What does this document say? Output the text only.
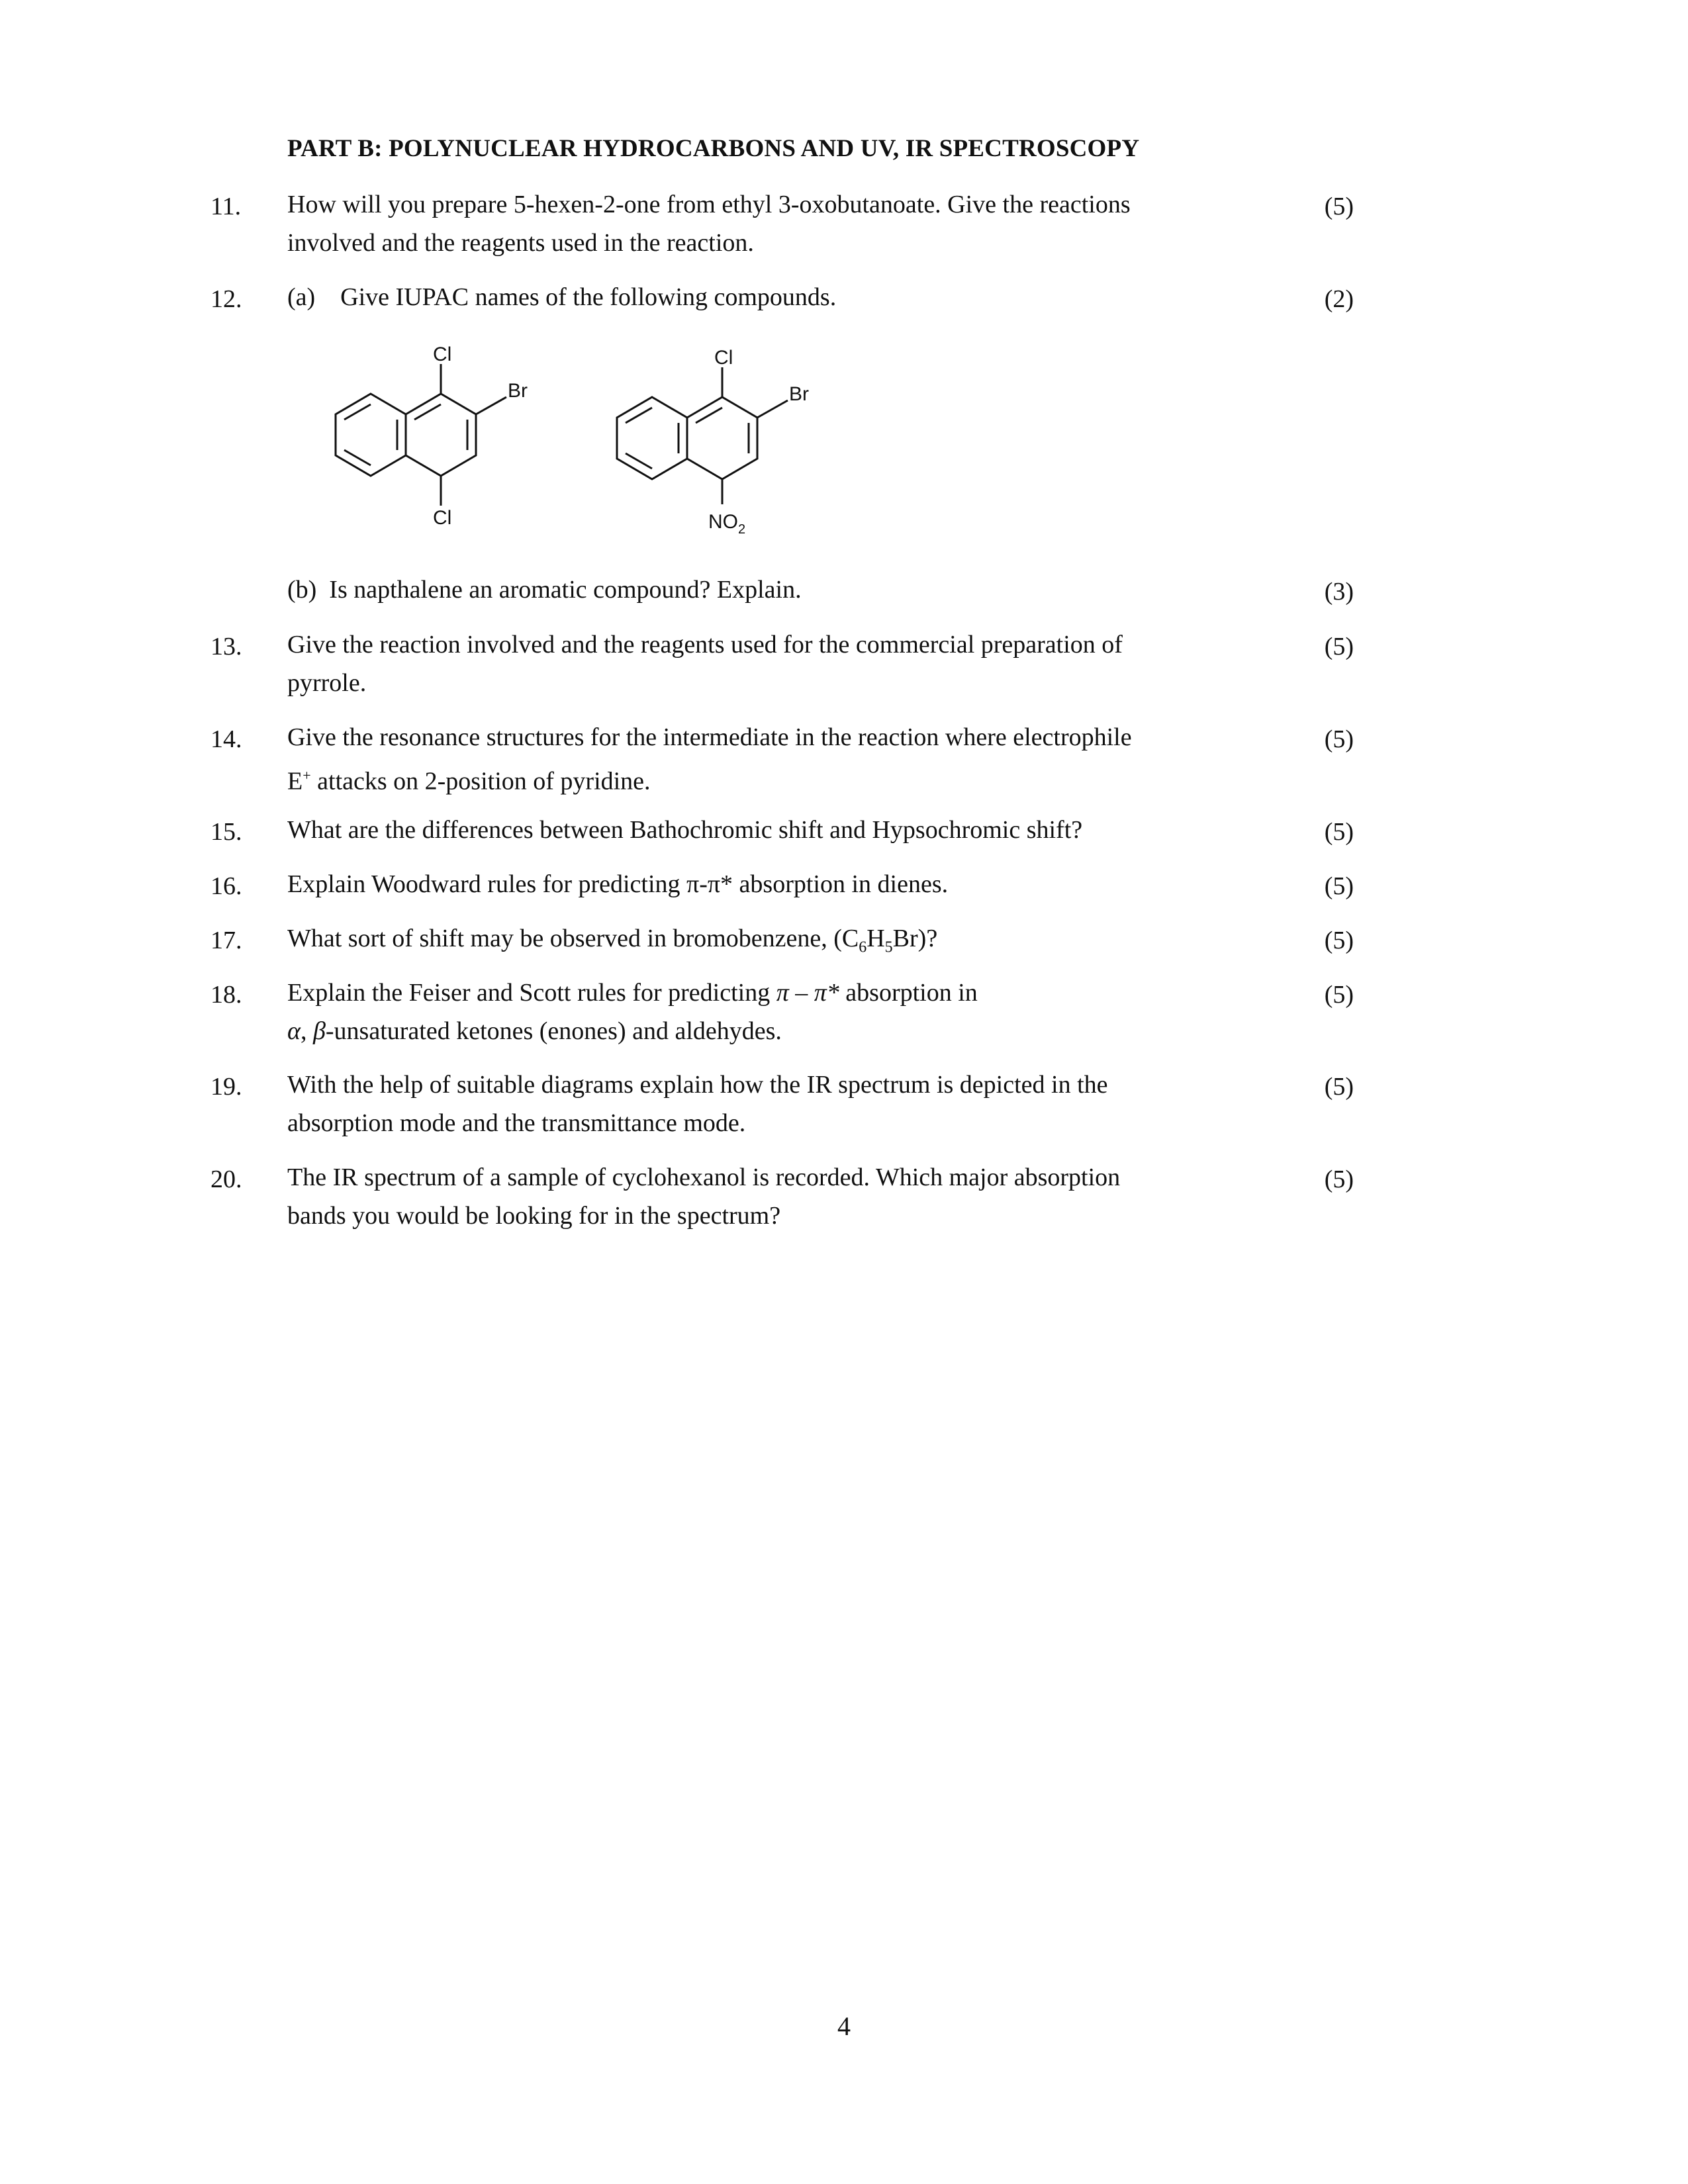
PART B: POLYNUCLEAR HYDROCARBONS AND UV, IR SPECTROSCOPY
11. How will you prepare 5-hexen-2-one from ethyl 3-oxobutanoate. Give the reactions
involved and the reagents used in the reaction.
(5)
12. (a) Give IUPAC names of the following compounds.	(2)
Cl
Br
Cl
Cl
Br
NO 2
(b) Is napthalene an aromatic compound? Explain.	(3)
13. Give the reaction involved and the reagents used for the commercial preparation of
pyrrole.
(5)
14. Give the resonance structures for the intermediate in the reaction where electrophile
E+ attacks on 2-position of pyridine.
(5)
15. What are the differences between Bathochromic shift and Hypsochromic shift?	(5)
16. Explain Woodward rules for predicting π-π* absorption in dienes.	(5)
17. What sort of shift may be observed in bromobenzene, $(C_6H_5Br)$?	(5)
18. Explain the Feiser and Scott rules for predicting π – π* absorption in
α, β-unsaturated ketones (enones) and aldehydes.
(5)
19. With the help of suitable diagrams explain how the IR spectrum is depicted in the
absorption mode and the transmittance mode.
(5)
20. The IR spectrum of a sample of cyclohexanol is recorded. Which major absorption
bands you would be looking for in the spectrum?
(5)
4
